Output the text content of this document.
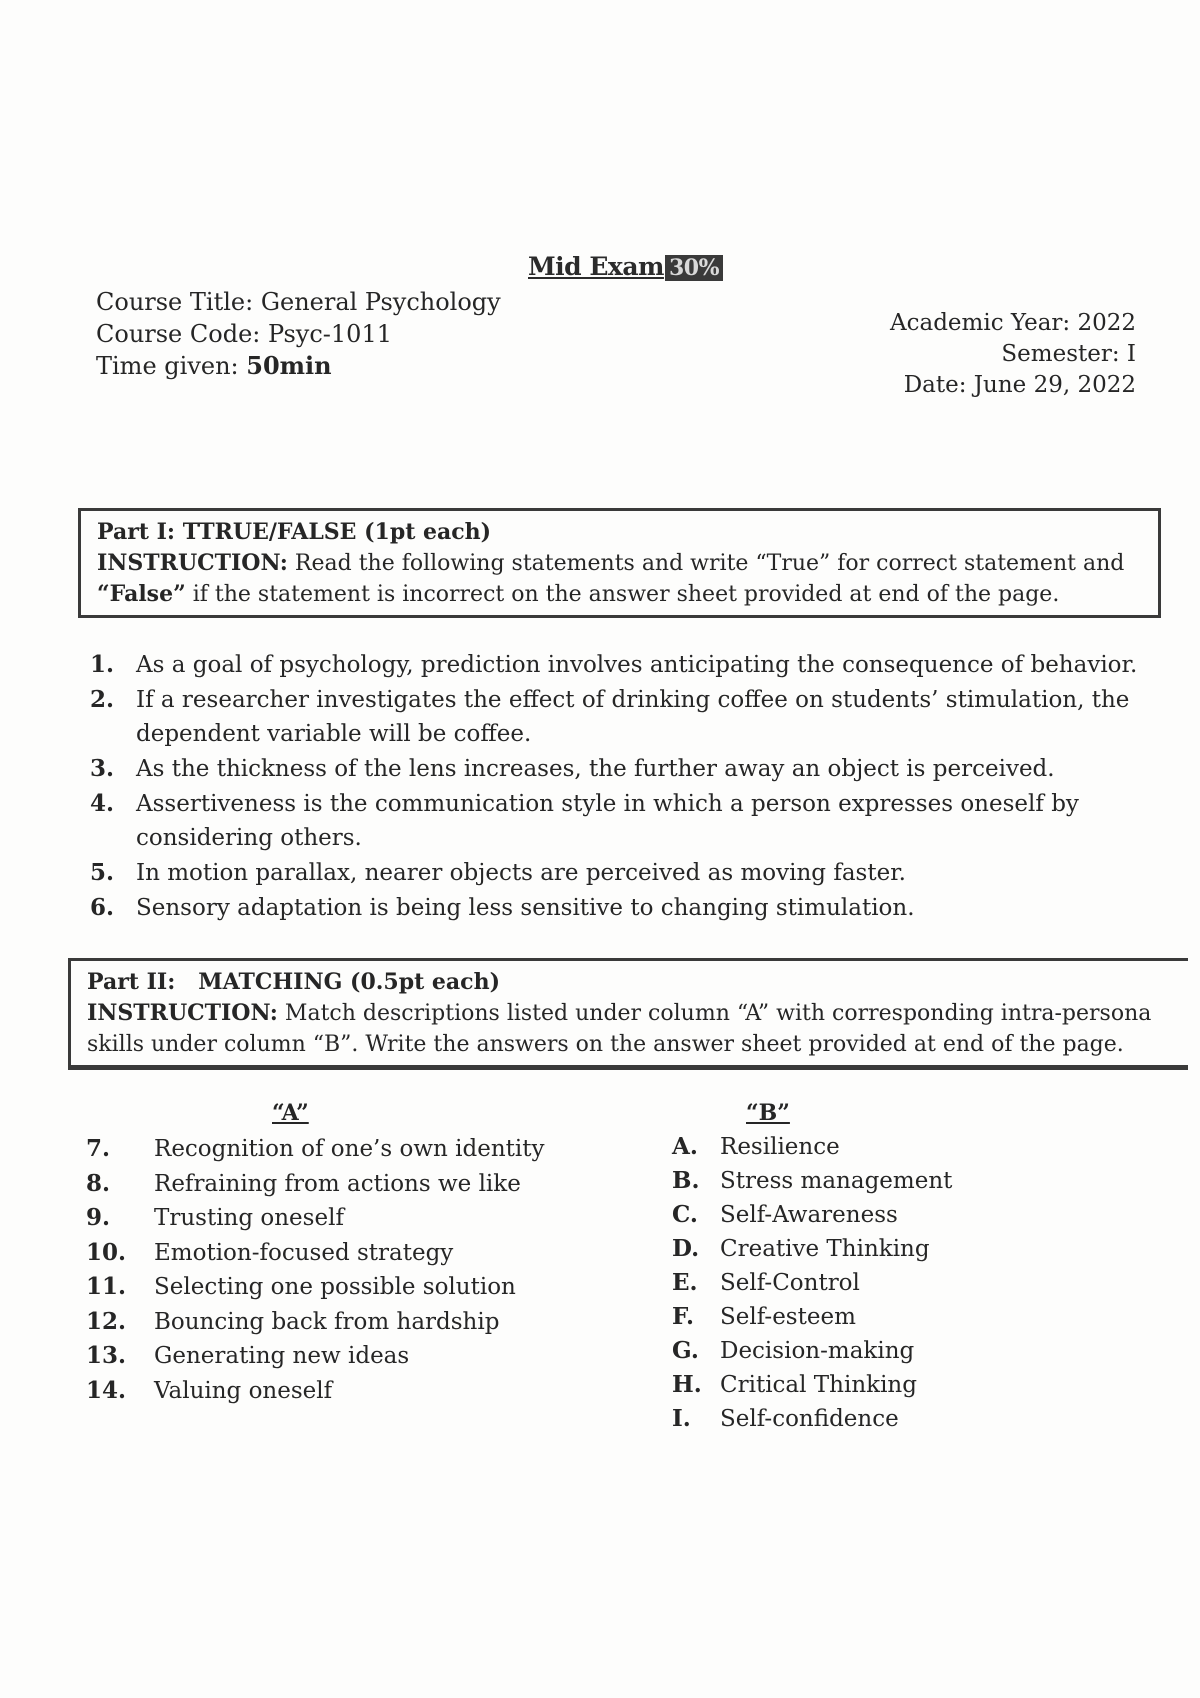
Mid Exam 30%
Course Title: General Psychology
Course Code: Psyc-1011
Time given: 50min
Academic Year: 2022
Semester: I
Date: June 29, 2022
Part I: TTRUE/FALSE (1pt each)
INSTRUCTION: Read the following statements and write “True” for correct statement and
“False” if the statement is incorrect on the answer sheet provided at end of the page.
1. As a goal of psychology, prediction involves anticipating the consequence of behavior.
2. If a researcher investigates the effect of drinking coffee on students’ stimulation, the dependent variable will be coffee.
3. As the thickness of the lens increases, the further away an object is perceived.
4. Assertiveness is the communication style in which a person expresses oneself by considering others.
5. In motion parallax, nearer objects are perceived as moving faster.
6. Sensory adaptation is being less sensitive to changing stimulation.
Part II:   MATCHING (0.5pt each)
INSTRUCTION: Match descriptions listed under column “A” with corresponding intra-persona
skills under column “B”. Write the answers on the answer sheet provided at end of the page.
“A”	“B”
7.	Recognition of one’s own identity
8.	Refraining from actions we like
9.	Trusting oneself
10.	Emotion-focused strategy
11.	Selecting one possible solution
12.	Bouncing back from hardship
13.	Generating new ideas
14.	Valuing oneself
A. Resilience
B. Stress management
C. Self-Awareness
D. Creative Thinking
E. Self-Control
F.	Self-esteem
G. Decision-making
H. Critical Thinking
I.	Self-confidence
